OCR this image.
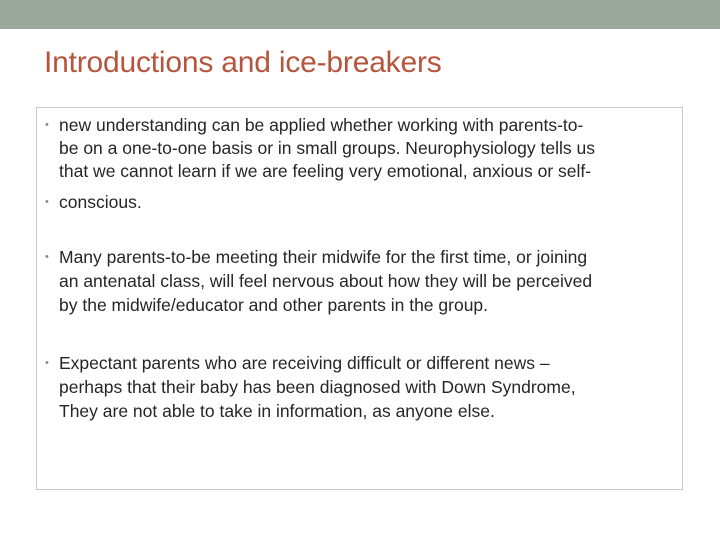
Introductions and ice-breakers
• new understanding can be applied whether working with parents-to-

be on a one-to-one basis or in small groups. Neurophysiology tells us

that we cannot learn if we are feeling very emotional, anxious or self-

• conscious.

• Many parents-to-be meeting their midwife for the first time, or joining

an antenatal class, will feel nervous about how they will be perceived

by the midwife/educator and other parents in the group.

• Expectant parents who are receiving difficult or different news –

perhaps that their baby has been diagnosed with Down Syndrome,

They are not able to take in information, as anyone else.
